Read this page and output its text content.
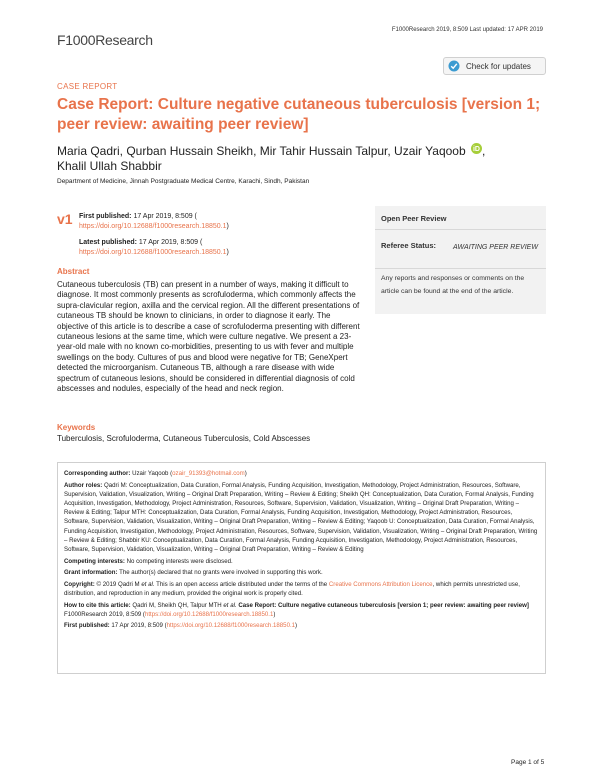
F1000Research
F1000Research 2019, 8:509 Last updated: 17 APR 2019
Check for updates
CASE REPORT
Case Report: Culture negative cutaneous tuberculosis [version 1; peer review: awaiting peer review]
Maria Qadri, Qurban Hussain Sheikh, Mir Tahir Hussain Talpur, Uzair Yaqoob iD ,
Khalil Ullah Shabbir
Department of Medicine, Jinnah Postgraduate Medical Centre, Karachi, Sindh, Pakistan
v1 First published: 17 Apr 2019, 8:509 (
https://doi.org/10.12688/f1000research.18850.1)
Latest published: 17 Apr 2019, 8:509 (
https://doi.org/10.12688/f1000research.18850.1)
Open Peer Review
Referee Status: AWAITING PEER REVIEW
Any reports and responses or comments on the article can be found at the end of the article.
Abstract
Cutaneous tuberculosis (TB) can present in a number of ways, making it difficult to diagnose. It most commonly presents as scrofuloderma, which commonly affects the supra-clavicular region, axilla and the cervical region. All the different presentations of cutaneous TB should be known to clinicians, in order to diagnose it early. The objective of this article is to describe a case of scrofuloderma presenting with different cutaneous lesions at the same time, which were culture negative. We present a 23-year-old male with no known co-morbidities, presenting to us with fever and multiple swellings on the body. Cultures of pus and blood were negative for TB; GeneXpert detected the microorganism. Cutaneous TB, although a rare disease with wide spectrum of cutaneous lesions, should be considered in differential diagnosis of cold abscesses and nodules, especially of the head and neck region.
Keywords
Tuberculosis, Scrofuloderma, Cutaneous Tuberculosis, Cold Abscesses

Corresponding author: Uzair Yaqoob (ozair_91393@hotmail.com)

Author roles: Qadri M: Conceptualization, Data Curation, Formal Analysis, Funding Acquisition, Investigation, Methodology, Project Administration, Resources, Software, Supervision, Validation, Visualization, Writing – Original Draft Preparation, Writing – Review & Editing; Sheikh QH: Conceptualization, Data Curation, Formal Analysis, Funding Acquisition, Investigation, Methodology, Project Administration, Resources, Software, Supervision, Validation, Visualization, Writing – Original Draft Preparation, Writing – Review & Editing; Talpur MTH: Conceptualization, Data Curation, Formal Analysis, Funding Acquisition, Investigation, Methodology, Project Administration, Resources, Software, Supervision, Validation, Visualization, Writing – Original Draft Preparation, Writing – Review & Editing; Yaqoob U: Conceptualization, Data Curation, Formal Analysis, Funding Acquisition, Investigation, Methodology, Project Administration, Resources, Software, Supervision, Validation, Visualization, Writing – Original Draft Preparation, Writing – Review & Editing; Shabbir KU: Conceptualization, Data Curation, Formal Analysis, Funding Acquisition, Investigation, Methodology, Project Administration, Resources, Software, Supervision, Validation, Visualization, Writing – Original Draft Preparation, Writing – Review & Editing

Competing interests: No competing interests were disclosed.

Grant information: The author(s) declared that no grants were involved in supporting this work.

Copyright: © 2019 Qadri M et al. This is an open access article distributed under the terms of the Creative Commons Attribution Licence, which permits unrestricted use, distribution, and reproduction in any medium, provided the original work is properly cited.

How to cite this article: Qadri M, Sheikh QH, Talpur MTH et al. Case Report: Culture negative cutaneous tuberculosis [version 1; peer review: awaiting peer review] F1000Research 2019, 8:509 (https://doi.org/10.12688/f1000research.18850.1)

First published: 17 Apr 2019, 8:509 (https://doi.org/10.12688/f1000research.18850.1)

Page 1 of 5
